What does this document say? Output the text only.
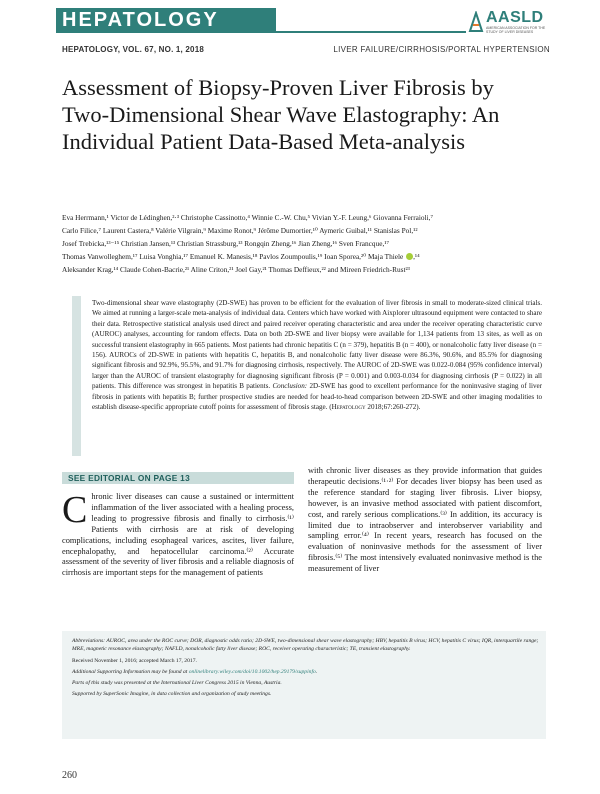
HEPATOLOGY	AASLD
AMERICAN ASSOCIATION FOR THE STUDY OF LIVER DISEASES
HEPATOLOGY, VOL. 67, NO. 1, 2018	LIVER FAILURE/CIRRHOSIS/PORTAL HYPERTENSION
Assessment of Biopsy-Proven Liver Fibrosis by Two-Dimensional Shear Wave Elastography: An Individual Patient Data-Based Meta-analysis
Eva Herrmann,¹ Victor de Lédinghen,²·³ Christophe Cassinotto,⁴ Winnie C.-W. Chu,⁵ Vivian Y.-F. Leung,⁶ Giovanna Ferraioli,⁷
Carlo Filice,⁷ Laurent Castera,⁸ Valérie Vilgrain,⁹ Maxime Ronot,⁹ Jérôme Dumortier,¹⁰ Aymeric Guibal,¹¹ Stanislas Pol,¹²
Josef Trebicka,¹³⁻¹⁵ Christian Jansen,¹³ Christian Strassburg,¹³ Rongqin Zheng,¹⁶ Jian Zheng,¹⁶ Sven Francque,¹⁷
Thomas Vanwolleghem,¹⁷ Luisa Vonghia,¹⁷ Emanuel K. Manesis,¹⁸ Pavlos Zoumpoulis,¹⁹ Ioan Sporea,²⁰ Maja Thiele ,¹⁴
Aleksander Krag,¹⁴ Claude Cohen-Bacrie,²¹ Aline Criton,²¹ Joel Gay,²¹ Thomas Deffieux,²² and Mireen Friedrich-Rust²³
Two-dimensional shear wave elastography (2D-SWE) has proven to be efficient for the evaluation of liver fibrosis in small to moderate-sized clinical trials. We aimed at running a larger-scale meta-analysis of individual data. Centers which have worked with Aixplorer ultrasound equipment were contacted to share their data. Retrospective statistical analysis used direct and paired receiver operating characteristic and area under the receiver operating characteristic curve (AUROC) analyses, accounting for random effects. Data on both 2D-SWE and liver biopsy were available for 1,134 patients from 13 sites, as well as on successful transient elastography in 665 patients. Most patients had chronic hepatitis C (n = 379), hepatitis B (n = 400), or nonalcoholic fatty liver disease (n = 156). AUROCs of 2D-SWE in patients with hepatitis C, hepatitis B, and nonalcoholic fatty liver disease were 86.3%, 90.6%, and 85.5% for diagnosing significant fibrosis and 92.9%, 95.5%, and 91.7% for diagnosing cirrhosis, respectively. The AUROC of 2D-SWE was 0.022-0.084 (95% confidence interval) larger than the AUROC of transient elastography for diagnosing significant fibrosis (P = 0.001) and 0.003-0.034 for diagnosing cirrhosis (P = 0.022) in all patients. This difference was strongest in hepatitis B patients. Conclusion: 2D-SWE has good to excellent performance for the noninvasive staging of liver fibrosis in patients with hepatitis B; further prospective studies are needed for head-to-head comparison between 2D-SWE and other imaging modalities to establish disease-specific appropriate cutoff points for assessment of fibrosis stage. (Hepatology 2018;67:260-272).
SEE EDITORIAL ON PAGE 13
Chronic liver diseases can cause a sustained or intermittent inflammation of the liver associated with a healing process, leading to progressive fibrosis and finally to cirrhosis.⁽¹⁾ Patients with cirrhosis are at risk of developing complications, including esophageal varices, ascites, liver failure, encephalopathy, and hepatocellular carcinoma.⁽²⁾ Accurate assessment of the severity of liver fibrosis and a reliable diagnosis of cirrhosis are important steps for the management of patients
with chronic liver diseases as they provide information that guides therapeutic decisions.⁽¹·²⁾ For decades liver biopsy has been used as the reference standard for staging liver fibrosis. Liver biopsy, however, is an invasive method associated with patient discomfort, cost, and rarely serious complications.⁽³⁾ In addition, its accuracy is limited due to intraobserver and interobserver variability and sampling error.⁽⁴⁾ In recent years, research has focused on the evaluation of noninvasive methods for the assessment of liver fibrosis.⁽⁵⁾ The most intensively evaluated noninvasive method is the measurement of liver

Abbreviations: AUROC, area under the ROC curve; DOR, diagnostic odds ratio; 2D-SWE, two-dimensional shear wave elastography; HBV, hepatitis B virus; HCV, hepatitis C virus; IQR, interquartile range; MRE, magnetic resonance elastography; NAFLD, nonalcoholic fatty liver disease; ROC, receiver operating characteristic; TE, transient elastography.

Received November 1, 2016; accepted March 17, 2017.

Additional Supporting Information may be found at onlinelibrary.wiley.com/doi/10.1002/hep.29179/suppinfo.

Parts of this study was presented at the International Liver Congress 2015 in Vienna, Austria.

Supported by SuperSonic Imagine, in data collection and organization of study meetings.

260
